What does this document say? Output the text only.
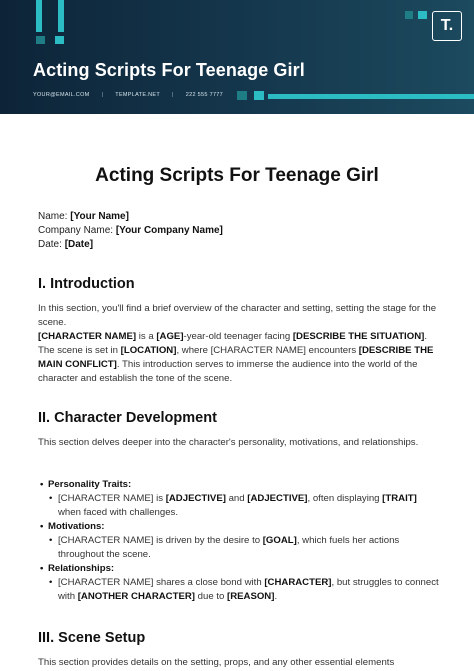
T.
Acting Scripts For Teenage Girl
YOUR@EMAIL.COM | TEMPLATE.NET | 222 555 7777
Acting Scripts For Teenage Girl
Name: [Your Name]
Company Name: [Your Company Name]
Date: [Date]
I. Introduction
In this section, you'll find a brief overview of the character and setting, setting the stage for the scene.
[CHARACTER NAME] is a [AGE]-year-old teenager facing [DESCRIBE THE SITUATION]. The scene is set in [LOCATION], where [CHARACTER NAME] encounters [DESCRIBE THE MAIN CONFLICT]. This introduction serves to immerse the audience into the world of the character and establish the tone of the scene.
II. Character Development
This section delves deeper into the character's personality, motivations, and relationships.
• Personality Traits:
• [CHARACTER NAME] is [ADJECTIVE] and [ADJECTIVE], often displaying [TRAIT] when faced with challenges.
• Motivations:
• [CHARACTER NAME] is driven by the desire to [GOAL], which fuels her actions throughout the scene.
• Relationships:
• [CHARACTER NAME] shares a close bond with [CHARACTER], but struggles to connect with [ANOTHER CHARACTER] due to [REASON].
III. Scene Setup
This section provides details on the setting, props, and any other essential elements
